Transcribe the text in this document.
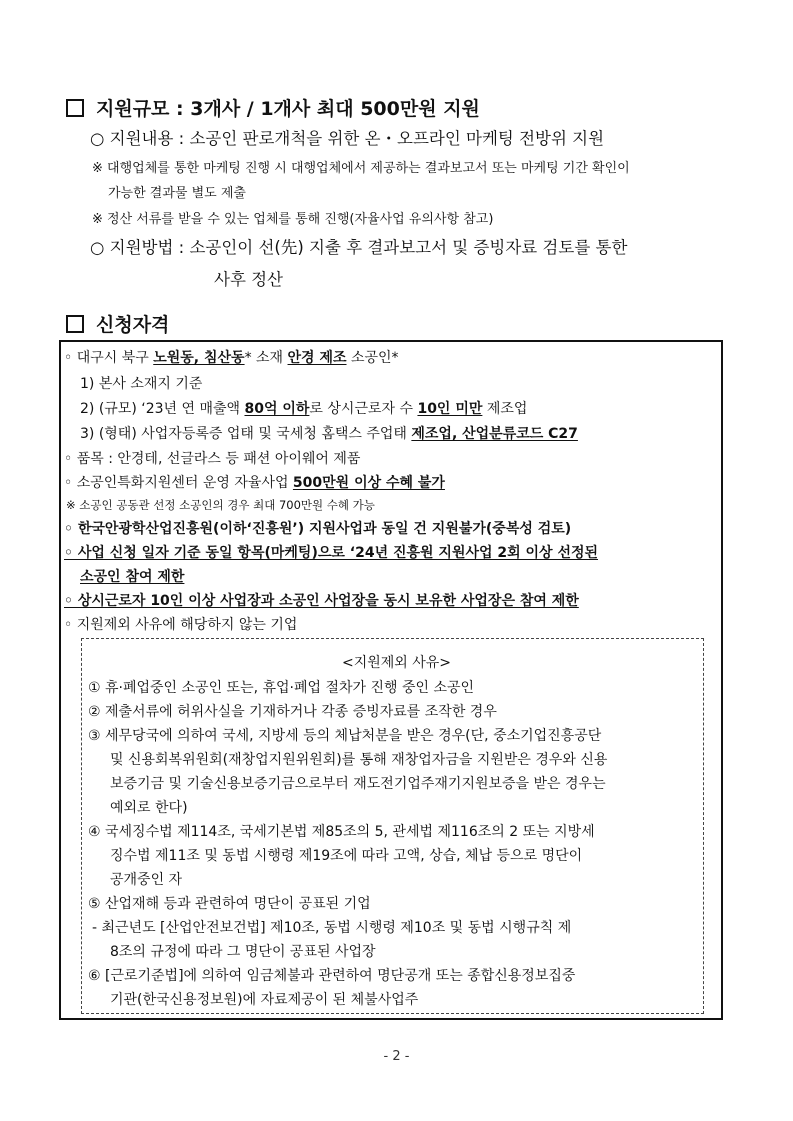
지원규모 : 3개사 / 1개사 최대 500만원 지원
○ 지원내용 : 소공인 판로개척을 위한 온・오프라인 마케팅 전방위 지원
※ 대행업체를 통한 마케팅 진행 시 대행업체에서 제공하는 결과보고서 또는 마케팅 기간 확인이
가능한 결과물 별도 제출
※ 정산 서류를 받을 수 있는 업체를 통해 진행(자율사업 유의사항 참고)
○ 지원방법 : 소공인이 선(先) 지출 후 결과보고서 및 증빙자료 검토를 통한
사후 정산
신청자격
◦ 대구시 북구 노원동, 침산동* 소재 안경 제조 소공인*
1) 본사 소재지 기준
2) (규모) ‘23년 연 매출액 80억 이하로 상시근로자 수 10인 미만 제조업
3) (형태) 사업자등록증 업태 및 국세청 홈택스 주업태 제조업, 산업분류코드 C27
◦ 품목 : 안경테, 선글라스 등 패션 아이웨어 제품
◦ 소공인특화지원센터 운영 자율사업 500만원 이상 수혜 불가
※ 소공인 공동관 선정 소공인의 경우 최대 700만원 수혜 가능
◦ 한국안광학산업진흥원(이하‘진흥원’) 지원사업과 동일 건 지원불가(중복성 검토)
◦ 사업 신청 일자 기준 동일 항목(마케팅)으로 ‘24년 진흥원 지원사업 2회 이상 선정된
소공인 참여 제한
◦ 상시근로자 10인 이상 사업장과 소공인 사업장을 동시 보유한 사업장은 참여 제한
◦ 지원제외 사유에 해당하지 않는 기업
<지원제외 사유>
① 휴·폐업중인 소공인 또는, 휴업·폐업 절차가 진행 중인 소공인
② 제출서류에 허위사실을 기재하거나 각종 증빙자료를 조작한 경우
③ 세무당국에 의하여 국세, 지방세 등의 체납처분을 받은 경우(단, 중소기업진흥공단
및 신용회복위원회(재창업지원위원회)를 통해 재창업자금을 지원받은 경우와 신용
보증기금 및 기술신용보증기금으로부터 재도전기업주재기지원보증을 받은 경우는
예외로 한다)
④ 국세징수법 제114조, 국세기본법 제85조의 5, 관세법 제116조의 2 또는 지방세
징수법 제11조 및 동법 시행령 제19조에 따라 고액, 상습, 체납 등으로 명단이
공개중인 자
⑤ 산업재해 등과 관련하여 명단이 공표된 기업
- 최근년도 [산업안전보건법] 제10조, 동법 시행령 제10조 및 동법 시행규칙 제
8조의 규정에 따라 그 명단이 공표된 사업장
⑥ [근로기준법]에 의하여 임금체불과 관련하여 명단공개 또는 종합신용정보집중
기관(한국신용정보원)에 자료제공이 된 체불사업주
- 2 -
